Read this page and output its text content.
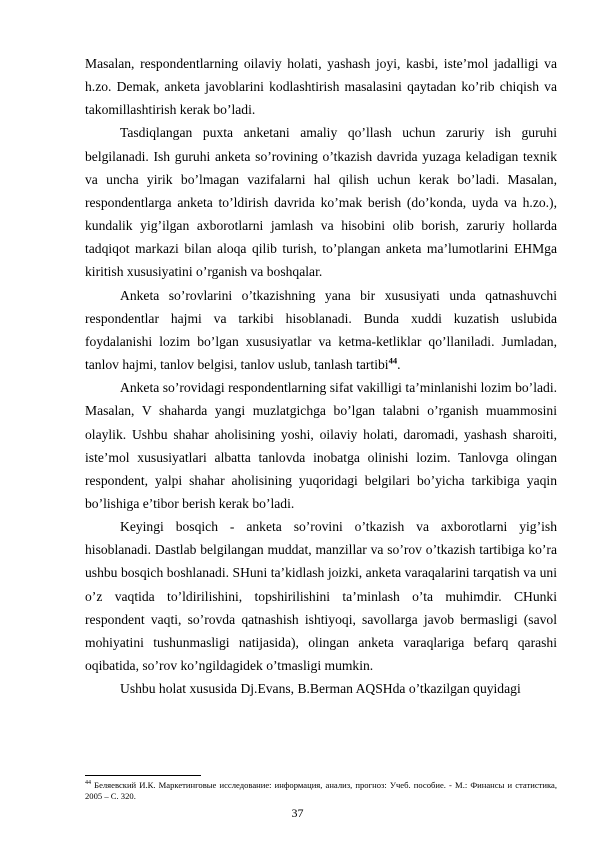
Masalan, respondentlarning oilaviy holati, yashash joyi, kasbi, iste’mol jadalligi va h.zo. Demak, anketa javoblarini kodlashtirish masalasini qaytadan ko’rib chiqish va takomillashtirish kerak bo’ladi.

Tasdiqlangan puxta anketani amaliy qo’llash uchun zaruriy ish guruhi belgilanadi. Ish guruhi anketa so’rovining o’tkazish davrida yuzaga keladigan texnik va uncha yirik bo’lmagan vazifalarni hal qilish uchun kerak bo’ladi. Masalan, respondentlarga anketa to’ldirish davrida ko’mak berish (do’konda, uyda va h.zo.), kundalik yig’ilgan axborotlarni jamlash va hisobini olib borish, zaruriy hollarda tadqiqot markazi bilan aloqa qilib turish, to’plangan anketa ma’lumotlarini EHMga kiritish xususiyatini o’rganish va boshqalar.

Anketa so’rovlarini o’tkazishning yana bir xususiyati unda qatnashuvchi respondentlar hajmi va tarkibi hisoblanadi. Bunda xuddi kuzatish uslubida foydalanishi lozim bo’lgan xususiyatlar va ketma-ketliklar qo’llaniladi. Jumladan, tanlov hajmi, tanlov belgisi, tanlov uslub, tanlash tartibi$^{44}$.

Anketa so’rovidagi respondentlarning sifat vakilligi ta’minlanishi lozim bo’ladi. Masalan, V shaharda yangi muzlatgichga bo’lgan talabni o’rganish muammosini olaylik. Ushbu shahar aholisining yoshi, oilaviy holati, daromadi, yashash sharoiti, iste’mol xususiyatlari albatta tanlovda inobatga olinishi lozim. Tanlovga olingan respondent, yalpi shahar aholisining yuqoridagi belgilari bo’yicha tarkibiga yaqin bo’lishiga e’tibor berish kerak bo’ladi.

Keyingi bosqich - anketa so’rovini o’tkazish va axborotlarni yig’ish hisoblanadi. Dastlab belgilangan muddat, manzillar va so’rov o’tkazish tartibiga ko’ra ushbu bosqich boshlanadi. SHuni ta’kidlash joizki, anketa varaqalarini tarqatish va uni o’z vaqtida to’ldirilishini, topshirilishini ta’minlash o’ta muhimdir. CHunki respondent vaqti, so’rovda qatnashish ishtiyoqi, savollarga javob bermasligi (savol mohiyatini tushunmasligi natijasida), olingan anketa varaqlariga befarq qarashi oqibatida, so’rov ko’ngildagidek o’tmasligi mumkin.

Ushbu holat xususida Dj.Evans, B.Berman AQSHda o’tkazilgan quyidagi

$^{44}$ Беляевский И.К. Маркетинговые исследование: информация, анализ, прогноз: Учеб. пособие. - М.: Финансы и статистика, 2005 – С. 320.

37
